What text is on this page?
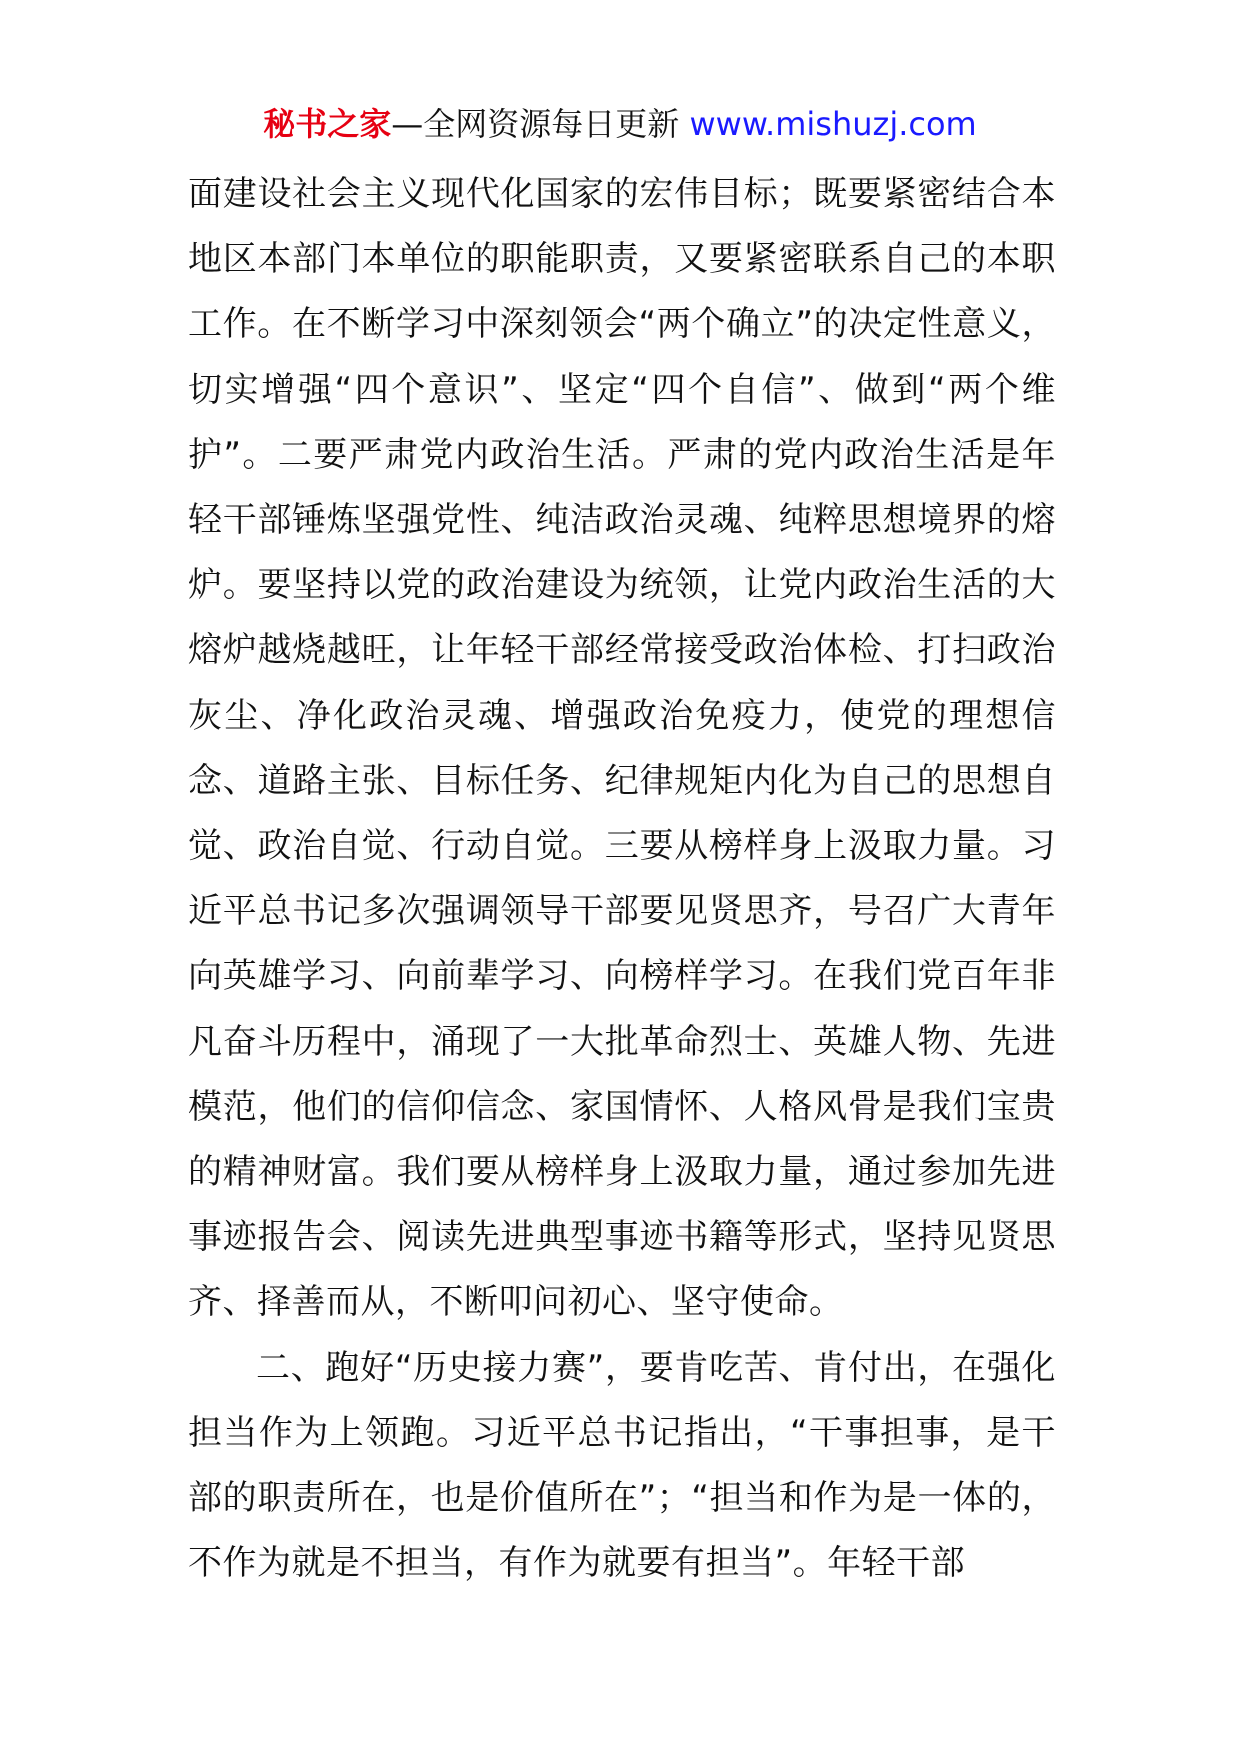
秘书之家—全网资源每日更新 www.mishuzj.com

面建设社会主义现代化国家的宏伟目标；既要紧密结合本地区本部门本单位的职能职责，又要紧密联系自己的本职工作。在不断学习中深刻领会“两个确立”的决定性意义，切实增强“四个意识”、坚定“四个自信”、做到“两个维护”。二要严肃党内政治生活。严肃的党内政治生活是年轻干部锤炼坚强党性、纯洁政治灵魂、纯粹思想境界的熔炉。要坚持以党的政治建设为统领，让党内政治生活的大熔炉越烧越旺，让年轻干部经常接受政治体检、打扫政治灰尘、净化政治灵魂、增强政治免疫力，使党的理想信念、道路主张、目标任务、纪律规矩内化为自己的思想自觉、政治自觉、行动自觉。三要从榜样身上汲取力量。习近平总书记多次强调领导干部要见贤思齐，号召广大青年向英雄学习、向前辈学习、向榜样学习。在我们党百年非凡奋斗历程中，涌现了一大批革命烈士、英雄人物、先进模范，他们的信仰信念、家国情怀、人格风骨是我们宝贵的精神财富。我们要从榜样身上汲取力量，通过参加先进事迹报告会、阅读先进典型事迹书籍等形式，坚持见贤思齐、择善而从，不断叩问初心、坚守使命。

二、跑好“历史接力赛”，要肯吃苦、肯付出，在强化担当作为上领跑。习近平总书记指出，“干事担事，是干部的职责所在，也是价值所在”；“担当和作为是一体的，不作为就是不担当，有作为就要有担当”。年轻干部
